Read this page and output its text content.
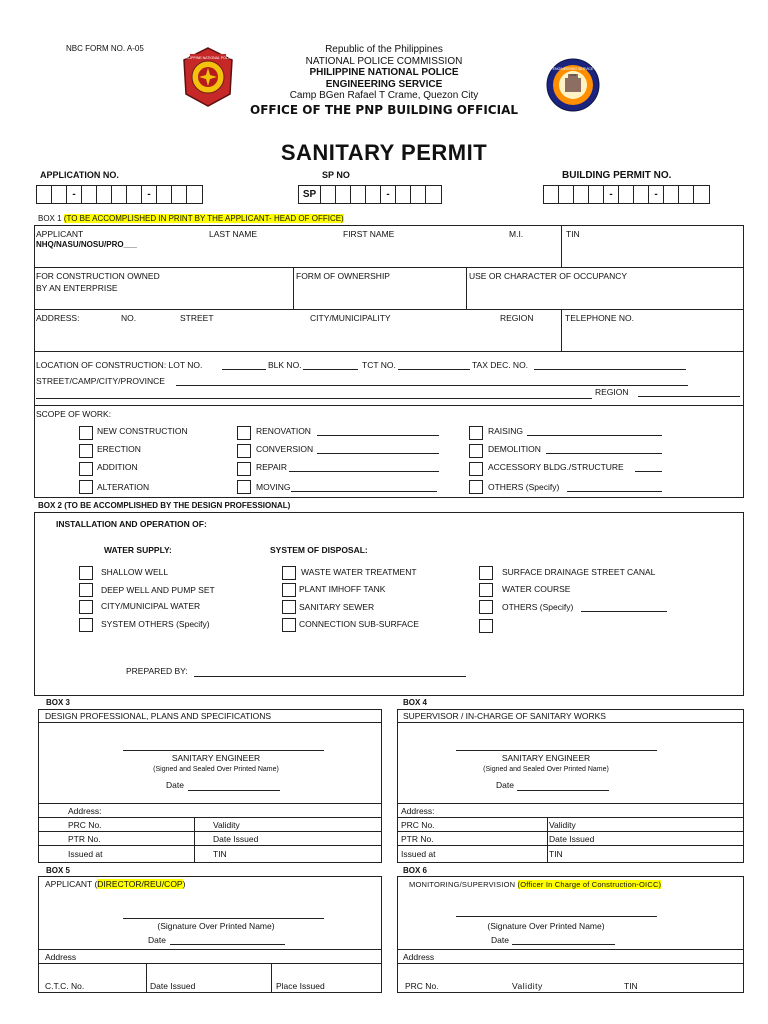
NBC FORM NO. A-05
PHILIPPINE NATIONAL POLICE
ENGINEERING SERVICE
1994
Republic of the Philippines
NATIONAL POLICE COMMISSION
PHILIPPINE NATIONAL POLICE
ENGINEERING SERVICE
Camp BGen Rafael T Crame, Quezon City
OFFICE OF THE PNP BUILDING OFFICIAL
SANITARY PERMIT
APPLICATION NO.	SP NO	BUILDING PERMIT NO.
-	-	SP	-	-	-
BOX 1 (TO BE ACCOMPLISHED IN PRINT BY THE APPLICANT- HEAD OF OFFICE)
APPLICANT	LAST NAME	FIRST NAME	M.I.	TIN
NHQ/NASU/NOSU/PRO___
FOR CONSTRUCTION OWNED
BY AN ENTERPRISE
FORM OF OWNERSHIP	USE OR CHARACTER OF OCCUPANCY
ADDRESS:	NO.	STREET	CITY/MUNICIPALITY	REGION	TELEPHONE NO.
LOCATION OF CONSTRUCTION: LOT NO.	BLK NO.	TCT NO.	TAX DEC. NO.
STREET/CAMP/CITY/PROVINCE
REGION
SCOPE OF WORK:
NEW CONSTRUCTION
ERECTION
ADDITION
ALTERATION
RENOVATION
CONVERSION
REPAIR
MOVING
RAISING
DEMOLITION
ACCESSORY BLDG./STRUCTURE
OTHERS (Specify)
BOX 2 (TO BE ACCOMPLISHED BY THE DESIGN PROFESSIONAL)
INSTALLATION AND OPERATION OF:
WATER SUPPLY:	SYSTEM OF DISPOSAL:
SHALLOW WELL
DEEP WELL AND PUMP SET
CITY/MUNICIPAL WATER
SYSTEM OTHERS (Specify)
WASTE WATER TREATMENT
PLANT IMHOFF TANK
SANITARY SEWER
CONNECTION SUB-SURFACE
SURFACE DRAINAGE STREET CANAL
WATER COURSE
OTHERS (Specify)
PREPARED BY:
BOX 3
DESIGN PROFESSIONAL, PLANS AND SPECIFICATIONS
SANITARY ENGINEER
(Signed and Sealed Over Printed Name)
Date
Address:
PRC No.	Validity
PTR No.	Date Issued
Issued at	TIN
BOX 4
SUPERVISOR / IN-CHARGE OF SANITARY WORKS
SANITARY ENGINEER
(Signed and Sealed Over Printed Name)
Date
Address:
PRC No.	Validity
PTR No.	Date Issued
Issued at	TIN
BOX 5
APPLICANT (DIRECTOR/REU/COP)
(Signature Over Printed Name)
Date
Address
C.T.C. No.	Date Issued	Place Issued
BOX 6
MONITORING/SUPERVISION (Officer In Charge of Construction-OICC)
(Signature Over Printed Name)
Date
Address
PRC No.	Validity	TIN
